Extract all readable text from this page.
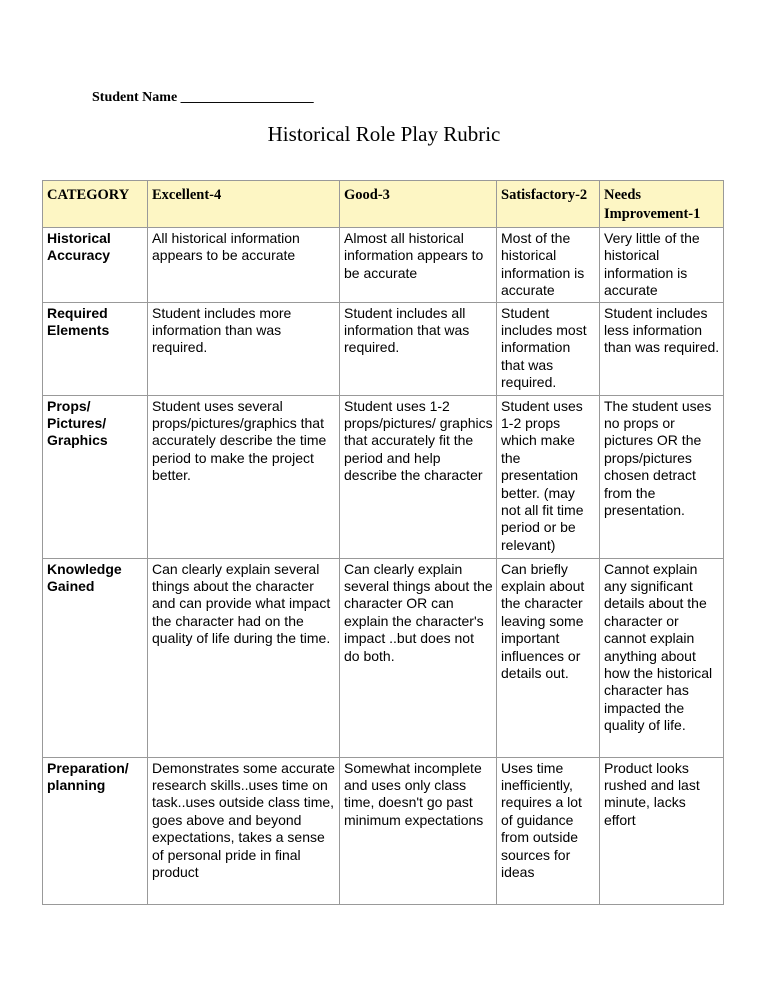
Student Name ___________________
Historical Role Play Rubric
CATEGORY	Excellent-4	Good-3	Satisfactory-2	Needs Improvement-1
Historical Accuracy	All historical information appears to be accurate	Almost all historical information appears to be accurate	Most of the historical information is accurate	Very little of the historical information is accurate
Required Elements	Student includes more information than was required.	Student includes all information that was required.	Student includes most information that was required.	Student includes less information than was required.
Props/ Pictures/ Graphics	Student uses several props/pictures/graphics that accurately describe the time period to make the project better.	Student uses 1-2 props/pictures/ graphics that accurately fit the period and help describe the character	Student uses 1-2 props which make the presentation better. (may not all fit time period or be relevant)	The student uses no props or pictures OR the props/pictures chosen detract from the presentation.
Knowledge Gained	Can clearly explain several things about the character and can provide what impact the character had on the quality of life during the time.	Can clearly explain several things about the character OR can explain the character's impact ..but does not do both.	Can briefly explain about the character leaving some important influences or details out.	Cannot explain any significant details about the character or cannot explain anything about how the historical character has impacted the quality of life.
Preparation/ planning	Demonstrates some accurate research skills..uses time on task..uses outside class time, goes above and beyond expectations, takes a sense of personal pride in final product	Somewhat incomplete and uses only class time, doesn't go past minimum expectations	Uses time inefficiently, requires a lot of guidance from outside sources for ideas	Product looks rushed and last minute, lacks effort
